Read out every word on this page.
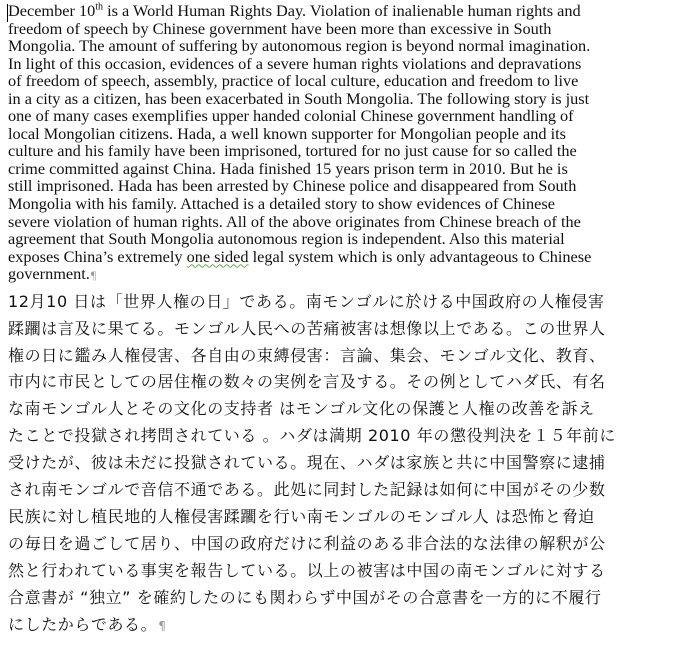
December 10th is a World Human Rights Day. Violation of inalienable human rights and
freedom of speech by Chinese government have been more than excessive in South
Mongolia. The amount of suffering by autonomous region is beyond normal imagination.
In light of this occasion, evidences of a severe human rights violations and depravations
of freedom of speech, assembly, practice of local culture, education and freedom to live
in a city as a citizen, has been exacerbated in South Mongolia. The following story is just
one of many cases exemplifies upper handed colonial Chinese government handling of
local Mongolian citizens. Hada, a well known supporter for Mongolian people and its
culture and his family have been imprisoned, tortured for no just cause for so called the
crime committed against China. Hada finished 15 years prison term in 2010. But he is
still imprisoned. Hada has been arrested by Chinese police and disappeared from South
Mongolia with his family. Attached is a detailed story to show evidences of Chinese
severe violation of human rights. All of the above originates from Chinese breach of the
agreement that South Mongolia autonomous region is independent. Also this material
exposes China’s extremely one sided legal system which is only advantageous to Chinese
government.¶
12月10 日は「世界人権の日」である。南モンゴルに於ける中国政府の人権侵害
蹂躙は言及に果てる。モンゴル人民への苦痛被害は想像以上である。この世界人
権の日に鑑み人権侵害、各自由の束縛侵害：言論、集会、モンゴル文化、教育、
市内に市民としての居住権の数々の実例を言及する。その例としてハダ氏、有名
な南モンゴル人とその文化の支持者 はモンゴル文化の保護と人権の改善を訴え
たことで投獄され拷問されている 。ハダは満期 2010 年の懲役判決を１５年前に
受けたが、彼は未だに投獄されている。現在、ハダは家族と共に中国警察に逮捕
され南モンゴルで音信不通である。此処に同封した記録は如何に中国がその少数
民族に対し植民地的人権侵害蹂躙を行い南モンゴルのモンゴル人 は恐怖と脅迫
の毎日を過ごして居り、中国の政府だけに利益のある非合法的な法律の解釈が公
然と行われている事実を報告している。以上の被害は中国の南モンゴルに対する
合意書が “独立” を確約したのにも関わらず中国がその合意書を一方的に不履行
にしたからである。¶
